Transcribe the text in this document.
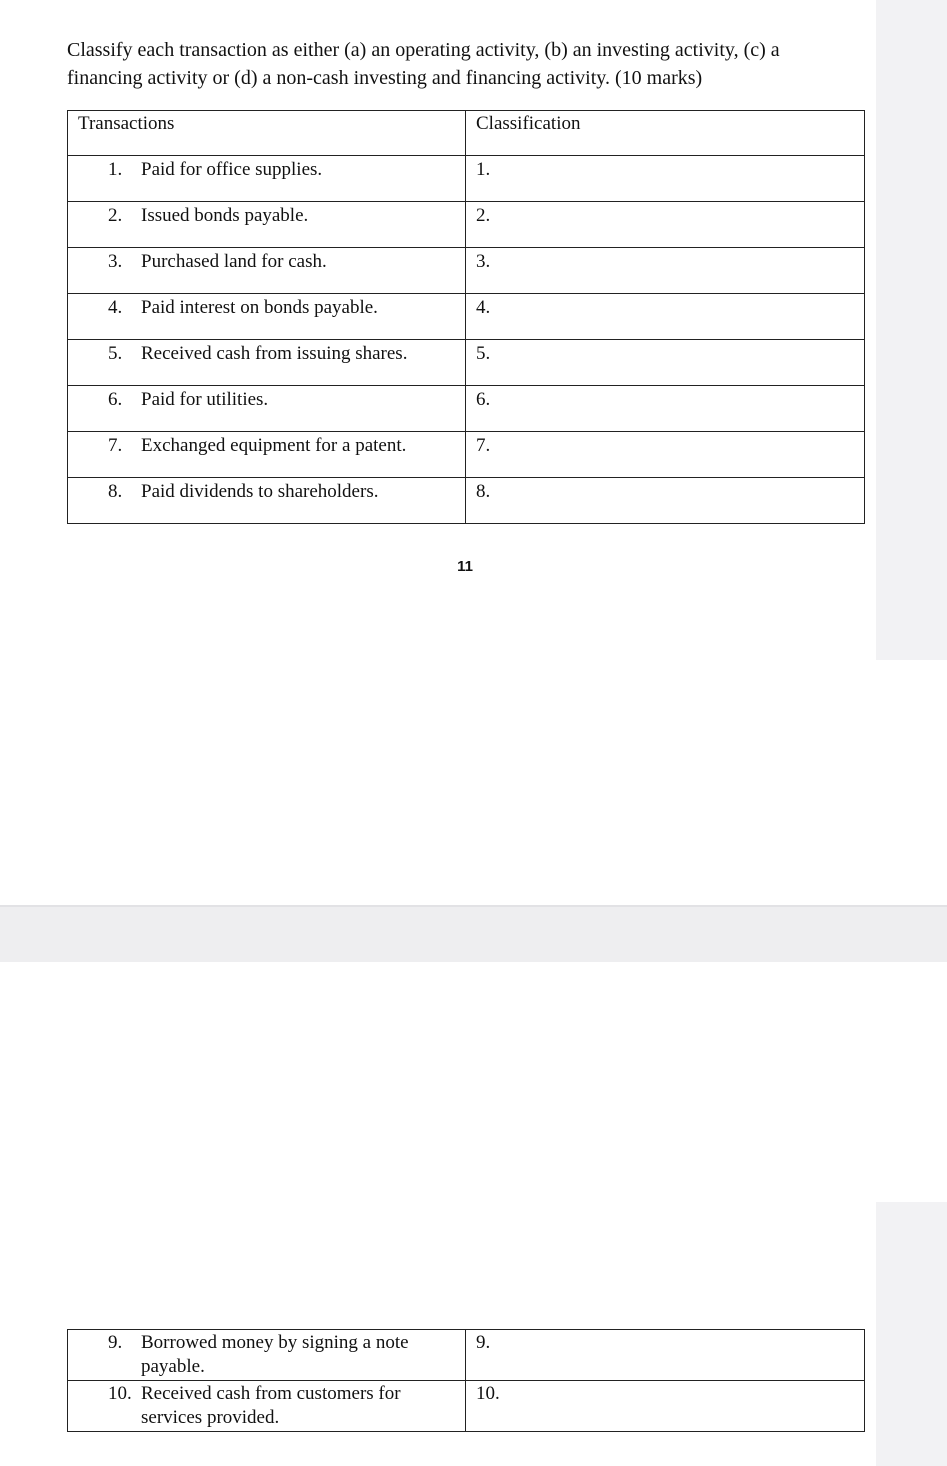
Classify each transaction as either (a) an operating activity, (b) an investing activity, (c) a financing activity or (d) a non-cash investing and financing activity. (10 marks)

Transactions	Classification

1. Paid for office supplies.	1.

2. Issued bonds payable.	2.

3. Purchased land for cash.	3.

4. Paid interest on bonds payable.	4.

5. Received cash from issuing shares.	5.

6. Paid for utilities.	6.

7. Exchanged equipment for a patent.	7.

8. Paid dividends to shareholders.	8.
11
9. Borrowed money by signing a note payable.	9.

10. Received cash from customers for services provided.	10.
